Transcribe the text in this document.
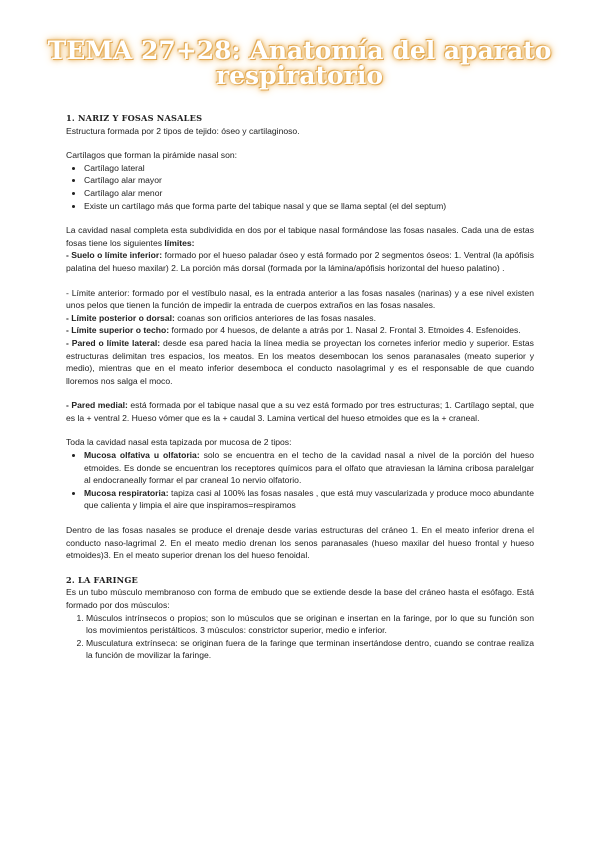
TEMA 27+28: Anatomía del aparato respiratorio

1. NARIZ Y FOSAS NASALES

Estructura formada por 2 tipos de tejido: óseo y cartilaginoso.

Cartílagos que forman la pirámide nasal son:

• Cartílago lateral
• Cartílago alar mayor
• Cartílago alar menor
• Existe un cartílago más que forma parte del tabique nasal y que se llama septal (el del septum)

La cavidad nasal completa esta subdividida en dos por el tabique nasal formándose las fosas nasales. Cada una de estas fosas tiene los siguientes límites:

- Suelo o límite inferior: formado por el hueso paladar óseo y está formado por 2 segmentos óseos: 1. Ventral (la apófisis palatina del hueso maxilar) 2. La porción más dorsal (formada por la lámina/apófisis horizontal del hueso palatino) .

- Límite anterior: formado por el vestíbulo nasal, es la entrada anterior a las fosas nasales (narinas) y a ese nivel existen unos pelos que tienen la función de impedir la entrada de cuerpos extraños en las fosas nasales.

- Límite posterior o dorsal: coanas son orificios anteriores de las fosas nasales.

- Límite superior o techo: formado por 4 huesos, de delante a atrás por 1. Nasal 2. Frontal 3. Etmoides 4. Esfenoides.

- Pared o límite lateral: desde esa pared hacia la línea media se proyectan los cornetes inferior medio y superior. Estas estructuras delimitan tres espacios, los meatos. En los meatos desembocan los senos paranasales (meato superior y medio), mientras que en el meato inferior desemboca el conducto nasolagrimal y es el responsable de que cuando lloremos nos salga el moco.

- Pared medial: está formada por el tabique nasal que a su vez está formado por tres estructuras; 1. Cartílago septal, que es la + ventral 2. Hueso vómer que es la + caudal 3. Lamina vertical del hueso etmoides que es la + craneal.

Toda la cavidad nasal esta tapizada por mucosa de 2 tipos:

• Mucosa olfativa u olfatoria: solo se encuentra en el techo de la cavidad nasal a nivel de la porción del hueso etmoides. Es donde se encuentran los receptores químicos para el olfato que atraviesan la lámina cribosa paralelgar al endocraneally formar el par craneal 1o nervio olfatorio.
• Mucosa respiratoria: tapiza casi al 100% las fosas nasales , que está muy vascularizada y produce moco abundante que calienta y limpia el aire que inspiramos=respiramos

Dentro de las fosas nasales se produce el drenaje desde varias estructuras del cráneo 1. En el meato inferior drena el conducto naso-lagrimal 2. En el meato medio drenan los senos paranasales (hueso maxilar del hueso frontal y hueso etmoides)3. En el meato superior drenan los del hueso fenoidal.

2. LA FARINGE

Es un tubo músculo membranoso con forma de embudo que se extiende desde la base del cráneo hasta el esófago. Está formado por dos músculos:

1. Músculos intrínsecos o propios; son lo músculos que se originan e insertan en la faringe, por lo que su función son los movimientos peristálticos. 3 músculos: constrictor superior, medio e inferior.
2. Musculatura extrínseca: se originan fuera de la faringe que terminan insertándose dentro, cuando se contrae realiza la función de movilizar la faringe.
